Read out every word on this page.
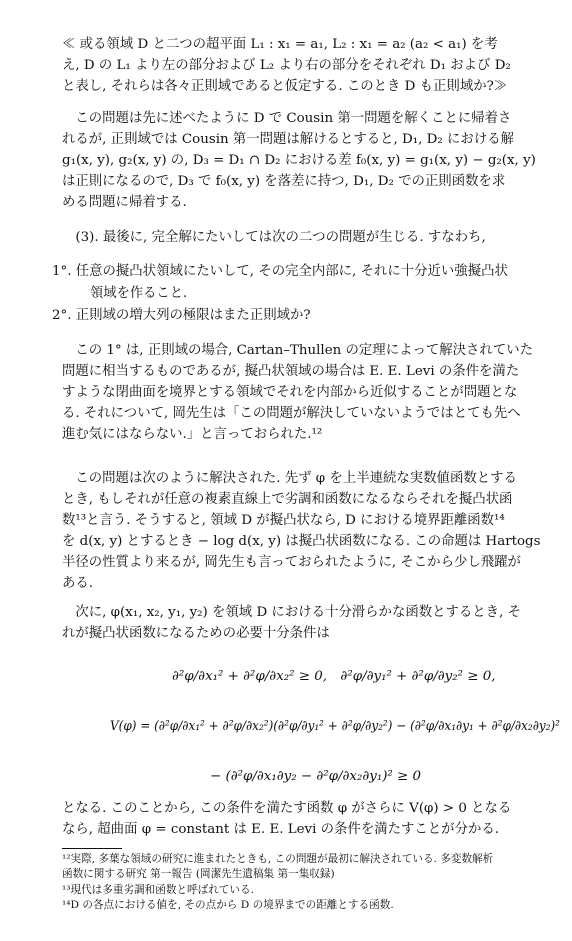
≪ 或る領域 D と二つの超平面 L₁ : x₁ = a₁, L₂ : x₁ = a₂ (a₂ < a₁) を考
え, D の L₁ より左の部分および L₂ より右の部分をそれぞれ D₁ および D₂
と表し, それらは各々正則域であると仮定する. このとき D も正則域か?≫
　この問題は先に述べたように D で Cousin 第一問題を解くことに帰着さ
れるが, 正則域では Cousin 第一問題は解けるとすると, D₁, D₂ における解
g₁(x, y), g₂(x, y) の, D₃ = D₁ ∩ D₂ における差 f₀(x, y) = g₁(x, y) − g₂(x, y)
は正則になるので, D₃ で f₀(x, y) を落差に持つ, D₁, D₂ での正則函数を求
める問題に帰着する.
　(3). 最後に, 完全解にたいしては次の二つの問題が生じる. すなわち,
1°. 任意の擬凸状領域にたいして, その完全内部に, それに十分近い強擬凸状
領域を作ること.
2°. 正則域の増大列の極限はまた正則域か?
　この 1° は, 正則域の場合, Cartan–Thullen の定理によって解決されていた
問題に相当するものであるが, 擬凸状領域の場合は E. E. Levi の条件を満た
すような閉曲面を境界とする領域でそれを内部から近似することが問題とな
る. それについて, 岡先生は「この問題が解決していないようではとても先へ
進む気にはならない.」と言っておられた.¹²
　この問題は次のように解決された. 先ず φ を上半連続な実数値函数とする
とき, もしそれが任意の複素直線上で劣調和函数になるならそれを擬凸状函
数¹³と言う. そうすると, 領域 D が擬凸状なら, D における境界距離函数¹⁴
を d(x, y) とするとき − log d(x, y) は擬凸状函数になる. この命題は Hartogs
半径の性質より来るが, 岡先生も言っておられたように, そこから少し飛躍が
ある.
　次に, φ(x₁, x₂, y₁, y₂) を領域 D における十分滑らかな函数とするとき, そ
れが擬凸状函数になるための必要十分条件は
∂²φ/∂x₁² + ∂²φ/∂x₂² ≥ 0,　∂²φ/∂y₁² + ∂²φ/∂y₂² ≥ 0,
V(φ) = (∂²φ/∂x₁² + ∂²φ/∂x₂²)(∂²φ/∂y₁² + ∂²φ/∂y₂²) − (∂²φ/∂x₁∂y₁ + ∂²φ/∂x₂∂y₂)²
− (∂²φ/∂x₁∂y₂ − ∂²φ/∂x₂∂y₁)² ≥ 0
となる. このことから, この条件を満たす函数 φ がさらに V(φ) > 0 となる
なら, 超曲面 φ = constant は E. E. Levi の条件を満たすことが分かる.
¹²実際, 多葉な領域の研究に進まれたときも, この問題が最初に解決されている. 多変数解析
函数に関する研究 第一報告 (岡潔先生遺稿集 第一集収録)
¹³現代は多重劣調和函数と呼ばれている.
¹⁴D の各点における値を, その点から D の境界までの距離とする函数.
